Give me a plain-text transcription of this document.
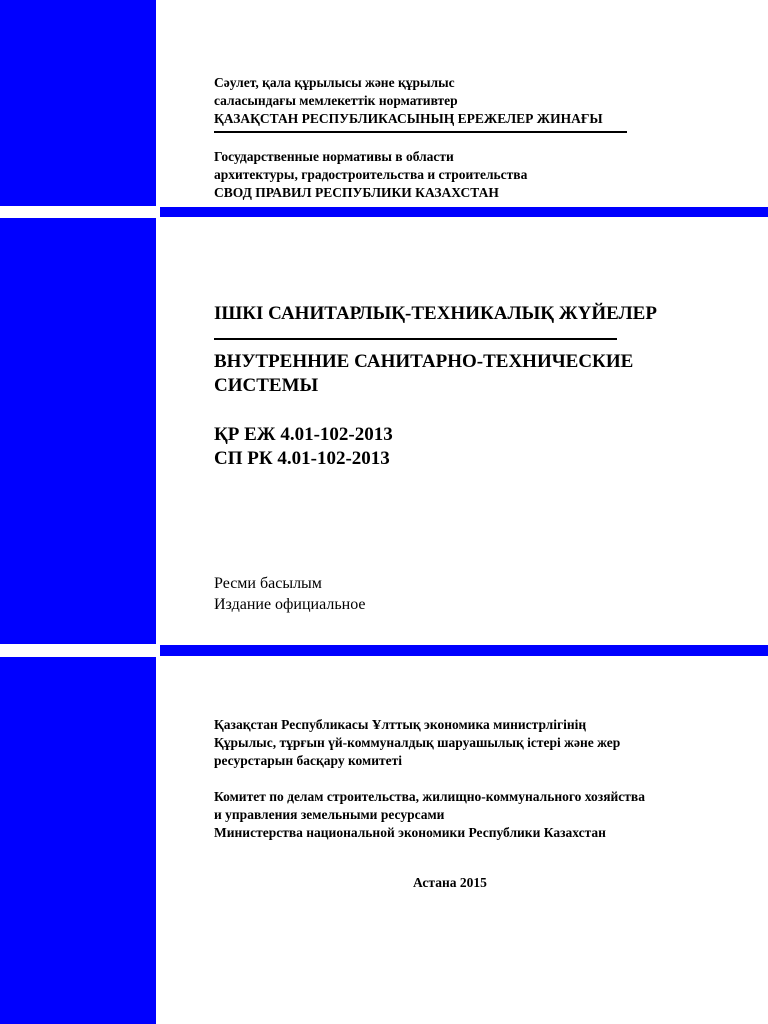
Сәулет, қала құрылысы және құрылыс
саласындағы мемлекеттік нормативтер
ҚАЗАҚСТАН РЕСПУБЛИКАСЫНЫҢ ЕРЕЖЕЛЕР ЖИНАҒЫ
Государственные нормативы в области
архитектуры, градостроительства и строительства
СВОД ПРАВИЛ РЕСПУБЛИКИ КАЗАХСТАН
ІШКІ САНИТАРЛЫҚ-ТЕХНИКАЛЫҚ ЖҮЙЕЛЕР
ВНУТРЕННИЕ САНИТАРНО-ТЕХНИЧЕСКИЕ
СИСТЕМЫ
ҚР ЕЖ 4.01-102-2013
СП РК 4.01-102-2013
Ресми басылым
Издание официальное
Қазақстан Республикасы Ұлттық экономика министрлігінің
Құрылыс, тұрғын үй-коммуналдық шаруашылық істері және жер
ресурстарын басқару комитеті
Комитет по делам строительства, жилищно-коммунального хозяйства
и управления земельными ресурсами
Министерства национальной экономики Республики Казахстан
Астана 2015
